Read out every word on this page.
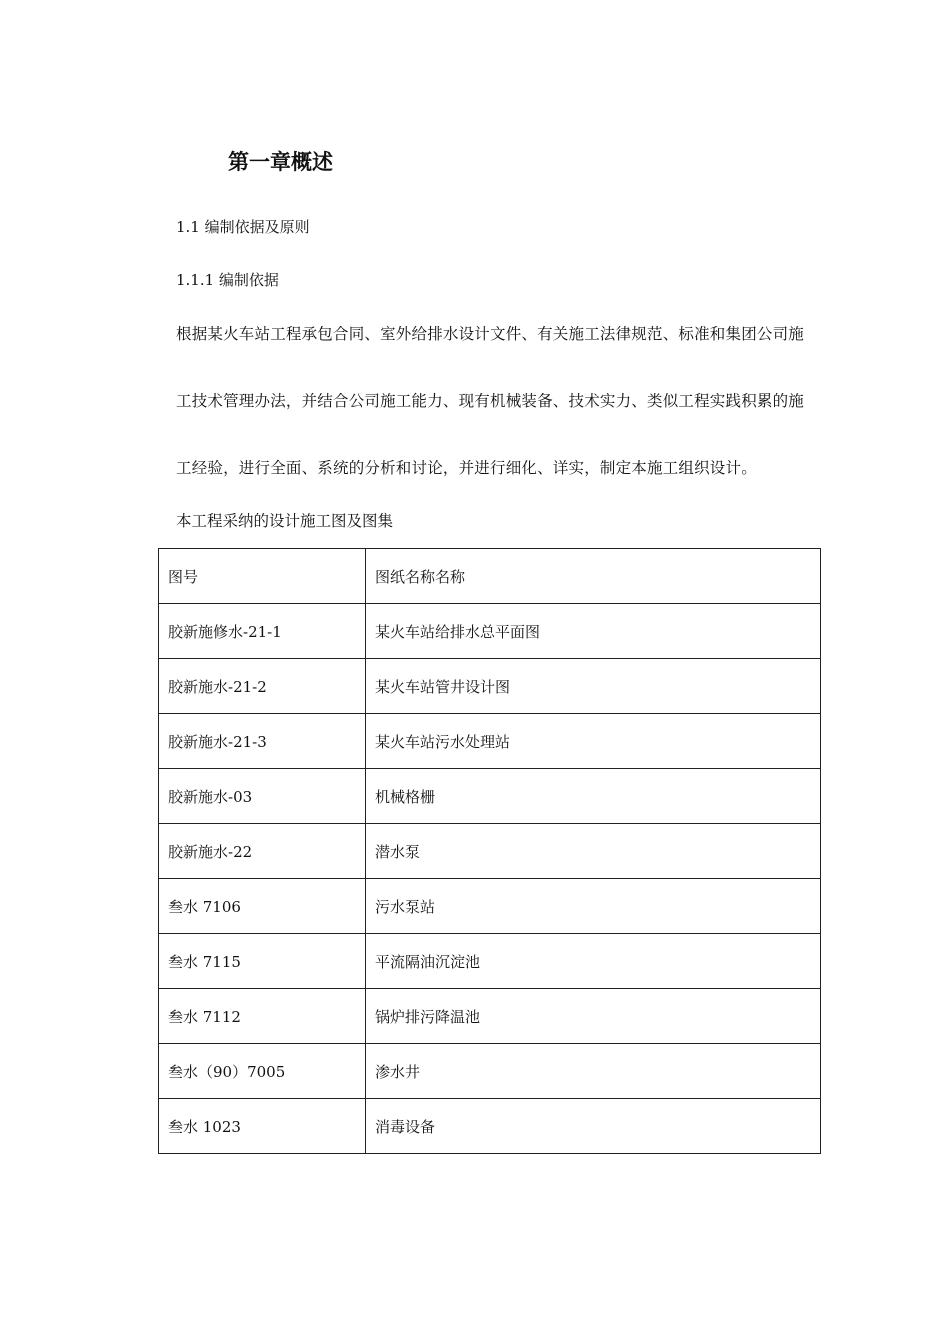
第一章概述
1.1 编制依据及原则
1.1.1 编制依据
根据某火车站工程承包合同、室外给排水设计文件、有关施工法律规范、标准和集团公司施
工技术管理办法，并结合公司施工能力、现有机械装备、技术实力、类似工程实践积累的施
工经验，进行全面、系统的分析和讨论，并进行细化、详实，制定本施工组织设计。
本工程采纳的设计施工图及图集
图号	图纸名称名称
胶新施修水-21-1	某火车站给排水总平面图
胶新施水-21-2	某火车站管井设计图
胶新施水-21-3	某火车站污水处理站
胶新施水-03	机械格栅
胶新施水-22	潜水泵
叁水 7106	污水泵站
叁水 7115	平流隔油沉淀池
叁水 7112	锅炉排污降温池
叁水（90）7005	渗水井
叁水 1023	消毒设备
